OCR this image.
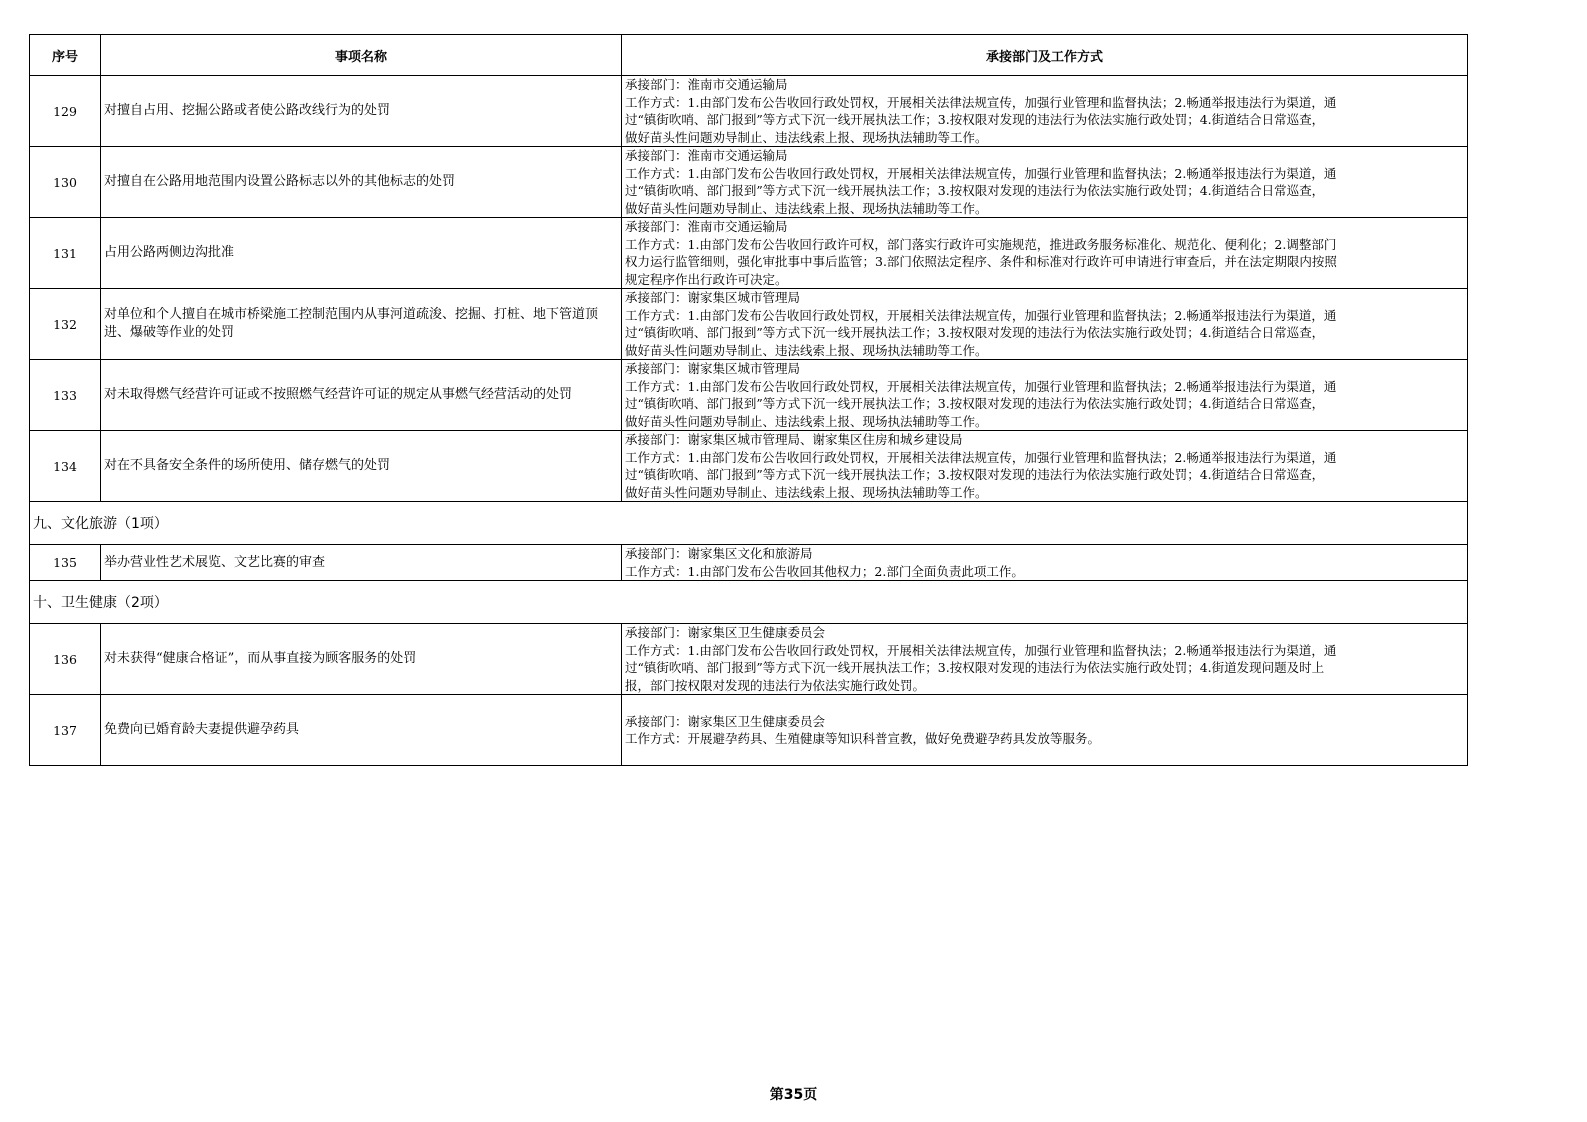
序号	事项名称	承接部门及工作方式
129	对擅自占用、挖掘公路或者使公路改线行为的处罚	承接部门：淮南市交通运输局
工作方式：1.由部门发布公告收回行政处罚权，开展相关法律法规宣传，加强行业管理和监督执法；2.畅通举报违法行为渠道，通
过“镇街吹哨、部门报到”等方式下沉一线开展执法工作；3.按权限对发现的违法行为依法实施行政处罚；4.街道结合日常巡查，
做好苗头性问题劝导制止、违法线索上报、现场执法辅助等工作。

130	对擅自在公路用地范围内设置公路标志以外的其他标志的处罚	承接部门：淮南市交通运输局
工作方式：1.由部门发布公告收回行政处罚权，开展相关法律法规宣传，加强行业管理和监督执法；2.畅通举报违法行为渠道，通
过“镇街吹哨、部门报到”等方式下沉一线开展执法工作；3.按权限对发现的违法行为依法实施行政处罚；4.街道结合日常巡查，
做好苗头性问题劝导制止、违法线索上报、现场执法辅助等工作。

131	占用公路两侧边沟批准	承接部门：淮南市交通运输局
工作方式：1.由部门发布公告收回行政许可权，部门落实行政许可实施规范，推进政务服务标准化、规范化、便利化；2.调整部门
权力运行监管细则，强化审批事中事后监管；3.部门依照法定程序、条件和标准对行政许可申请进行审查后，并在法定期限内按照
规定程序作出行政许可决定。

132	对单位和个人擅自在城市桥梁施工控制范围内从事河道疏浚、挖掘、打桩、地下管道顶进、爆破等作业的处罚	承接部门：谢家集区城市管理局
工作方式：1.由部门发布公告收回行政处罚权，开展相关法律法规宣传，加强行业管理和监督执法；2.畅通举报违法行为渠道，通
过“镇街吹哨、部门报到”等方式下沉一线开展执法工作；3.按权限对发现的违法行为依法实施行政处罚；4.街道结合日常巡查，
做好苗头性问题劝导制止、违法线索上报、现场执法辅助等工作。

133	对未取得燃气经营许可证或不按照燃气经营许可证的规定从事燃气经营活动的处罚	承接部门：谢家集区城市管理局
工作方式：1.由部门发布公告收回行政处罚权，开展相关法律法规宣传，加强行业管理和监督执法；2.畅通举报违法行为渠道，通
过“镇街吹哨、部门报到”等方式下沉一线开展执法工作；3.按权限对发现的违法行为依法实施行政处罚；4.街道结合日常巡查，
做好苗头性问题劝导制止、违法线索上报、现场执法辅助等工作。

134	对在不具备安全条件的场所使用、储存燃气的处罚	承接部门：谢家集区城市管理局、谢家集区住房和城乡建设局
工作方式：1.由部门发布公告收回行政处罚权，开展相关法律法规宣传，加强行业管理和监督执法；2.畅通举报违法行为渠道，通
过“镇街吹哨、部门报到”等方式下沉一线开展执法工作；3.按权限对发现的违法行为依法实施行政处罚；4.街道结合日常巡查，
做好苗头性问题劝导制止、违法线索上报、现场执法辅助等工作。

九、文化旅游（1项）		
135	举办营业性艺术展览、文艺比赛的审查	承接部门：谢家集区文化和旅游局
工作方式：1.由部门发布公告收回其他权力；2.部门全面负责此项工作。

十、卫生健康（2项）		
136	对未获得“健康合格证”，而从事直接为顾客服务的处罚	承接部门：谢家集区卫生健康委员会
工作方式：1.由部门发布公告收回行政处罚权，开展相关法律法规宣传，加强行业管理和监督执法；2.畅通举报违法行为渠道，通
过“镇街吹哨、部门报到”等方式下沉一线开展执法工作；3.按权限对发现的违法行为依法实施行政处罚；4.街道发现问题及时上
报，部门按权限对发现的违法行为依法实施行政处罚。

137	免费向已婚育龄夫妻提供避孕药具	承接部门：谢家集区卫生健康委员会
工作方式：开展避孕药具、生殖健康等知识科普宣教，做好免费避孕药具发放等服务。
第35页
